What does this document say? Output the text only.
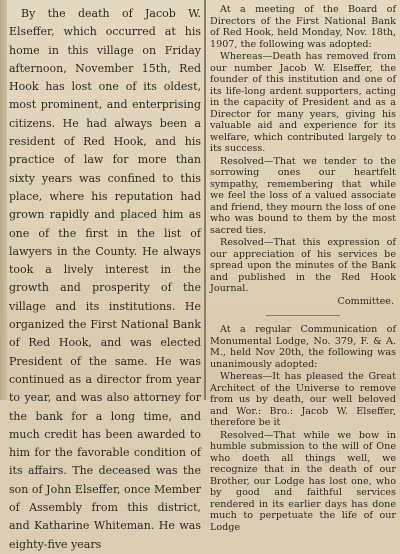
By the death of Jacob W. Elseffer, which occurred at his home in this village on Friday afternoon, November 15th, Red Hook has lost one of its oldest, most prominent, and enterprising citizens. He had always been a resident of Red Hook, and his practice of law for more than sixty years was confined to this place, where his reputation had grown rapidly and placed him as one of the first in the list of lawyers in the County. He always took a lively interest in the growth and prosperity of the village and its institutions. He organized the First National Bank of Red Hook, and was elected President of the same. He was continued as a director from year to year, and was also attorney for the bank for a long time, and much credit has been awarded to him for the favorable condition of its affairs. The deceased was the son of John Elseffer, once Member of Assembly from this district, and Katharine Whiteman. He was eighty-five years

At a meeting of the Board of Directors of the First National Bank of Red Hook, held Monday, Nov. 18th, 1907, the following was adopted:

Whereas—Death has removed from our number Jacob W. Elseffer, the founder of this institution and one of its life-long ardent supporters, acting in the capacity of President and as a Director for many years, giving his valuable aid and experience for its welfare, which contributed largely to its success.

Resolved—That we tender to the sorrowing ones our heartfelt sympathy, remembering that while we feel the loss of a valued associate and friend, they mourn the loss of one who was bound to them by the most sacred ties.

Resolved—That this expression of our appreciation of his services be spread upon the minutes of the Bank and published in the Red Hook Journal.

Committee.

At a regular Communication of Monumental Lodge, No. 379, F. & A. M., held Nov 20th, the following was unanimously adopted:

Whereas—It has pleased the Great Architect of the Universe to remove from us by death, our well beloved and Wor.: Bro.: Jacob W. Elseffer, therefore be it

Resolved—That while we bow in humble submission to the will of One who doeth all things well, we recognize that in the death of our Brother, our Lodge has lost one, who by good and faithful services rendered in its earlier days has done much to perpetuate the life of our Lodge
